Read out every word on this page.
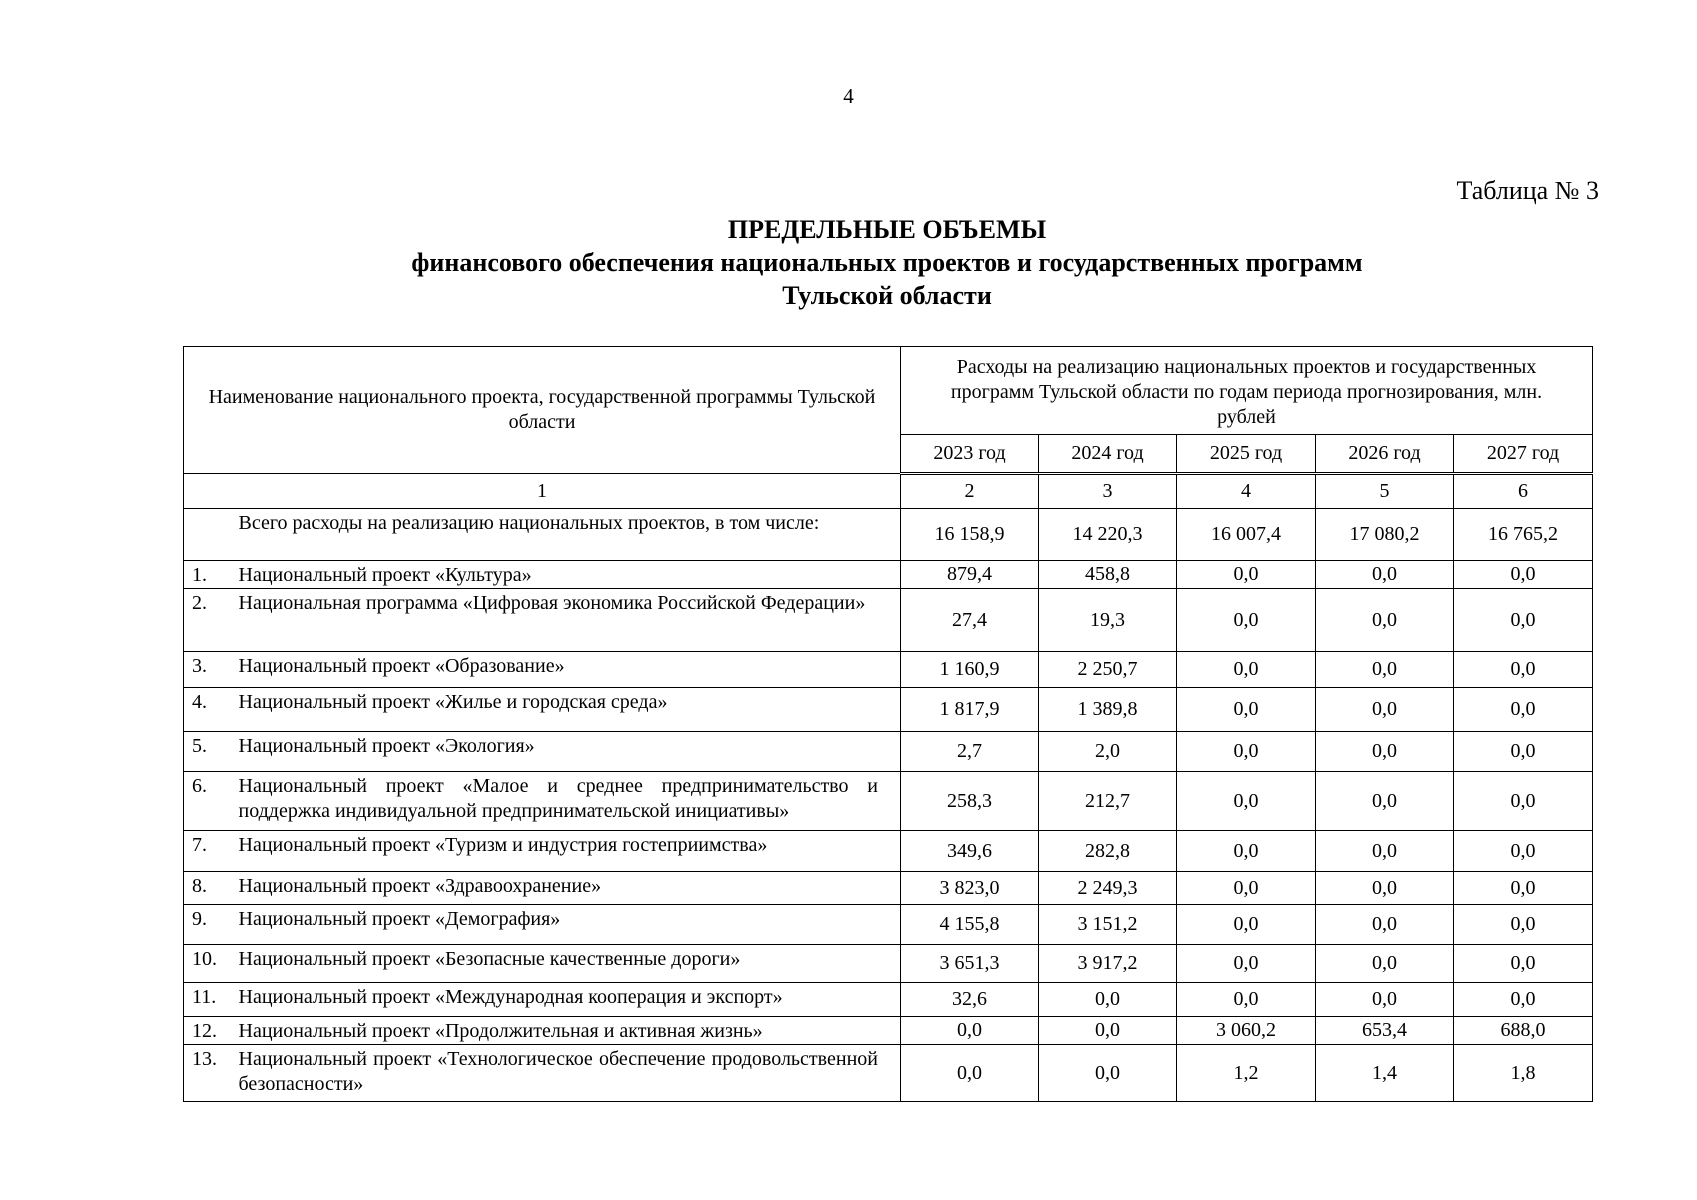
4
Таблица № 3
ПРЕДЕЛЬНЫЕ ОБЪЕМЫ
финансового обеспечения национальных проектов и государственных программ
Тульской области
Наименование национального проекта, государственной программы Тульской области		Расходы на реализацию национальных проектов и государственных программ Тульской области по годам периода прогнозирования, млн. рублей				
		2023 год	2024 год	2025 год	2026 год	2027 год
1		2	3	4	5	6
	Всего расходы на реализацию национальных проектов, в том числе:	16 158,9	14 220,3	16 007,4	17 080,2	16 765,2
1.	Национальный проект «Культура»	879,4	458,8	0,0	0,0	0,0
2.	Национальная программа «Цифровая экономика Российской Федерации»	27,4	19,3	0,0	0,0	0,0
3.	Национальный проект «Образование»	1 160,9	2 250,7	0,0	0,0	0,0
4.	Национальный проект «Жилье и городская среда»	1 817,9	1 389,8	0,0	0,0	0,0
5.	Национальный проект «Экология»	2,7	2,0	0,0	0,0	0,0
6.	Национальный проект «Малое и среднее предпринимательство и поддержка индивидуальной предпринимательской инициативы»	258,3	212,7	0,0	0,0	0,0
7.	Национальный проект «Туризм и индустрия гостеприимства»	349,6	282,8	0,0	0,0	0,0
8.	Национальный проект «Здравоохранение»	3 823,0	2 249,3	0,0	0,0	0,0
9.	Национальный проект «Демография»	4 155,8	3 151,2	0,0	0,0	0,0
10.	Национальный проект «Безопасные качественные дороги»	3 651,3	3 917,2	0,0	0,0	0,0
11.	Национальный проект «Международная кооперация и экспорт»	32,6	0,0	0,0	0,0	0,0
12.	Национальный проект «Продолжительная и активная жизнь»	0,0	0,0	3 060,2	653,4	688,0
13.	Национальный проект «Технологическое обеспечение продовольственной безопасности»	0,0	0,0	1,2	1,4	1,8
